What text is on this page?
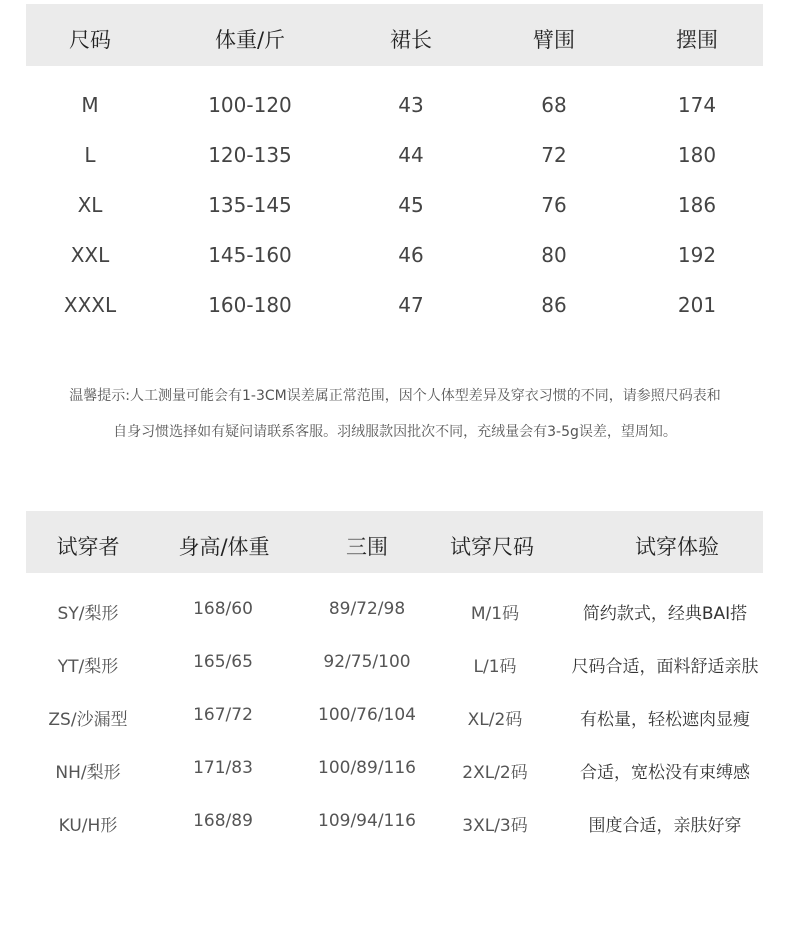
尺码	体重/斤	裙长	臂围	摆围
M	100-120	43	68	174
L	120-135	44	72	180
XL	135-145	45	76	186
XXL	145-160	46	80	192
XXXL	160-180	47	86	201
温馨提示:人工测量可能会有1-3CM误差属正常范围，因个人体型差异及穿衣习惯的不同，请参照尺码表和
自身习惯选择如有疑问请联系客服。羽绒服款因批次不同，充绒量会有3-5g误差，望周知。
试穿者	身高/体重	三围	试穿尺码	试穿体验
SY/梨形	168/60	89/72/98	M/1码	简约款式，经典BAI搭
YT/梨形	165/65	92/75/100	L/1码	尺码合适，面料舒适亲肤
ZS/沙漏型	167/72	100/76/104	XL/2码	有松量，轻松遮肉显瘦
NH/梨形	171/83	100/89/116	2XL/2码	合适，宽松没有束缚感
KU/H形	168/89	109/94/116	3XL/3码	围度合适，亲肤好穿
